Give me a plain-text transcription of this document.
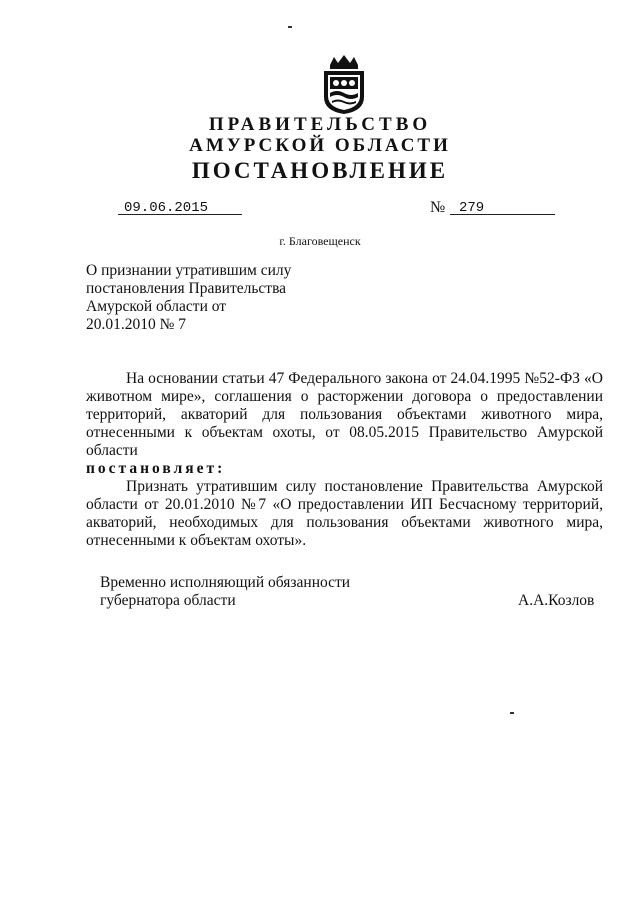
ПРАВИТЕЛЬСТВО
АМУРСКОЙ ОБЛАСТИ
ПОСТАНОВЛЕНИЕ
09.06.2015	№ 279
г. Благовещенск
О признании утратившим силу
постановления Правительства
Амурской области от
20.01.2010 № 7
На основании статьи 47 Федерального закона от 24.04.1995 №52-ФЗ «О животном мире», соглашения о расторжении договора о предоставлении территорий, акваторий для пользования объектами животного мира, отнесенными к объектам охоты, от 08.05.2015 Правительство Амурской области
постановляет:
Признать утратившим силу постановление Правительства Амурской области от 20.01.2010 №7 «О предоставлении ИП Бесчасному территорий, акваторий, необходимых для пользования объектами животного мира, отнесенными к объектам охоты».
Временно исполняющий обязанности
губернатора области	А.А.Козлов
